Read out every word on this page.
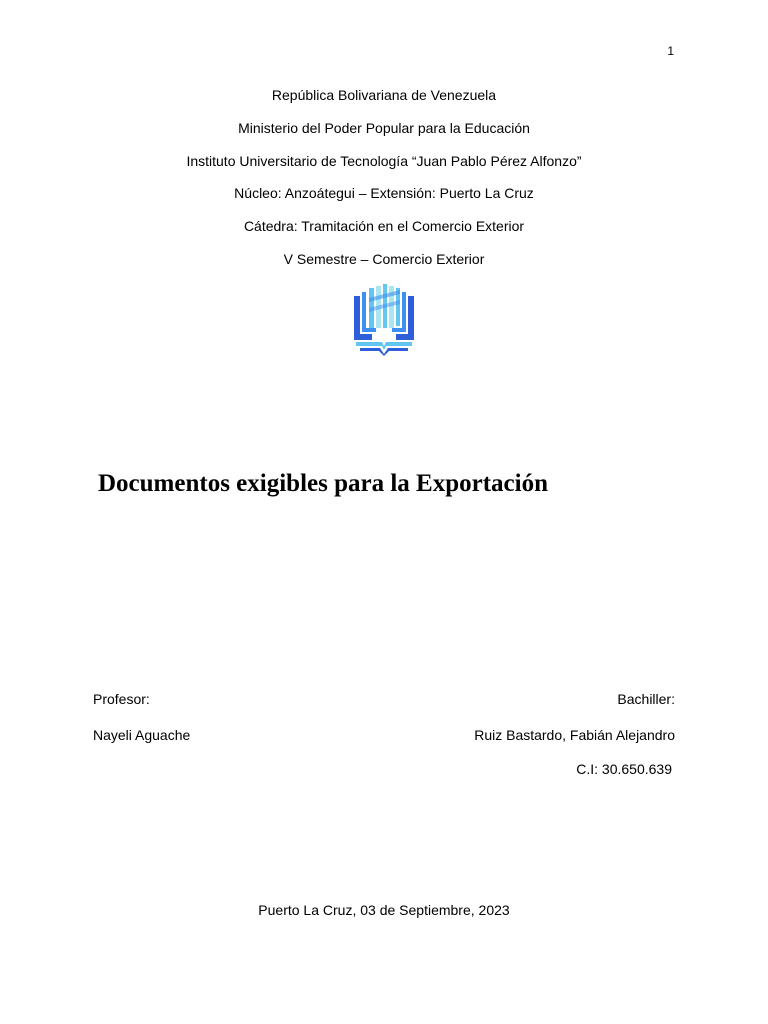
1
República Bolivariana de Venezuela
Ministerio del Poder Popular para la Educación
Instituto Universitario de Tecnología “Juan Pablo Pérez Alfonzo”
Núcleo: Anzoátegui – Extensión: Puerto La Cruz
Cátedra: Tramitación en el Comercio Exterior
V Semestre – Comercio Exterior
Documentos exigibles para la Exportación
Profesor:
Nayeli Aguache
Bachiller:
Ruiz Bastardo, Fabián Alejandro
C.I: 30.650.639
Puerto La Cruz, 03 de Septiembre, 2023
